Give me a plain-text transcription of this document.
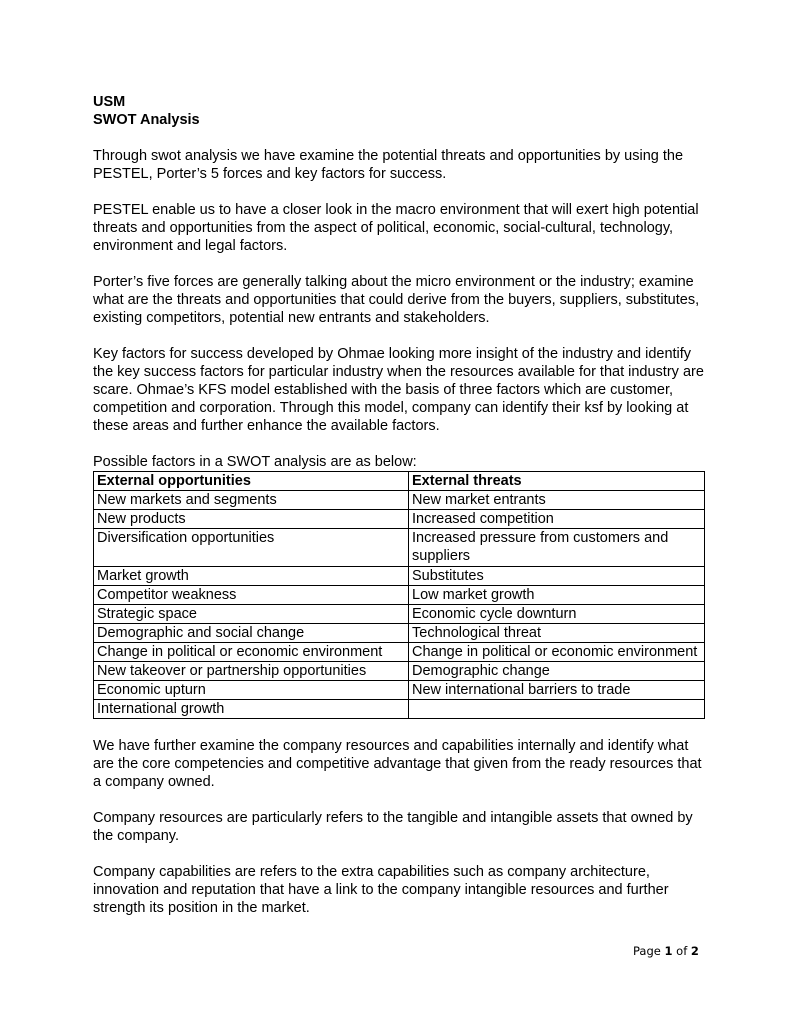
USM
SWOT Analysis

Through swot analysis we have examine the potential threats and opportunities by using the PESTEL, Porter’s 5 forces and key factors for success.

PESTEL enable us to have a closer look in the macro environment that will exert high potential threats and opportunities from the aspect of political, economic, social-cultural, technology, environment and legal factors.

Porter’s five forces are generally talking about the micro environment or the industry; examine what are the threats and opportunities that could derive from the buyers, suppliers, substitutes, existing competitors, potential new entrants and stakeholders.

Key factors for success developed by Ohmae looking more insight of the industry and identify the key success factors for particular industry when the resources available for that industry are scare. Ohmae’s KFS model established with the basis of three factors which are customer, competition and corporation. Through this model, company can identify their ksf by looking at these areas and further enhance the available factors.

Possible factors in a SWOT analysis are as below:

External opportunities	External threats
New markets and segments	New market entrants
New products	Increased competition
Diversification opportunities	Increased pressure from customers and suppliers
Market growth	Substitutes
Competitor weakness	Low market growth
Strategic space	Economic cycle downturn
Demographic and social change	Technological threat
Change in political or economic environment	Change in political or economic environment
New takeover or partnership opportunities	Demographic change
Economic upturn	New international barriers to trade
International growth	

We have further examine the company resources and capabilities internally and identify what are the core competencies and competitive advantage that given from the ready resources that a company owned.

Company resources are particularly refers to the tangible and intangible assets that owned by the company.

Company capabilities are refers to the extra capabilities such as company architecture, innovation and reputation that have a link to the company intangible resources and further strength its position in the market.

Page 1 of 2
